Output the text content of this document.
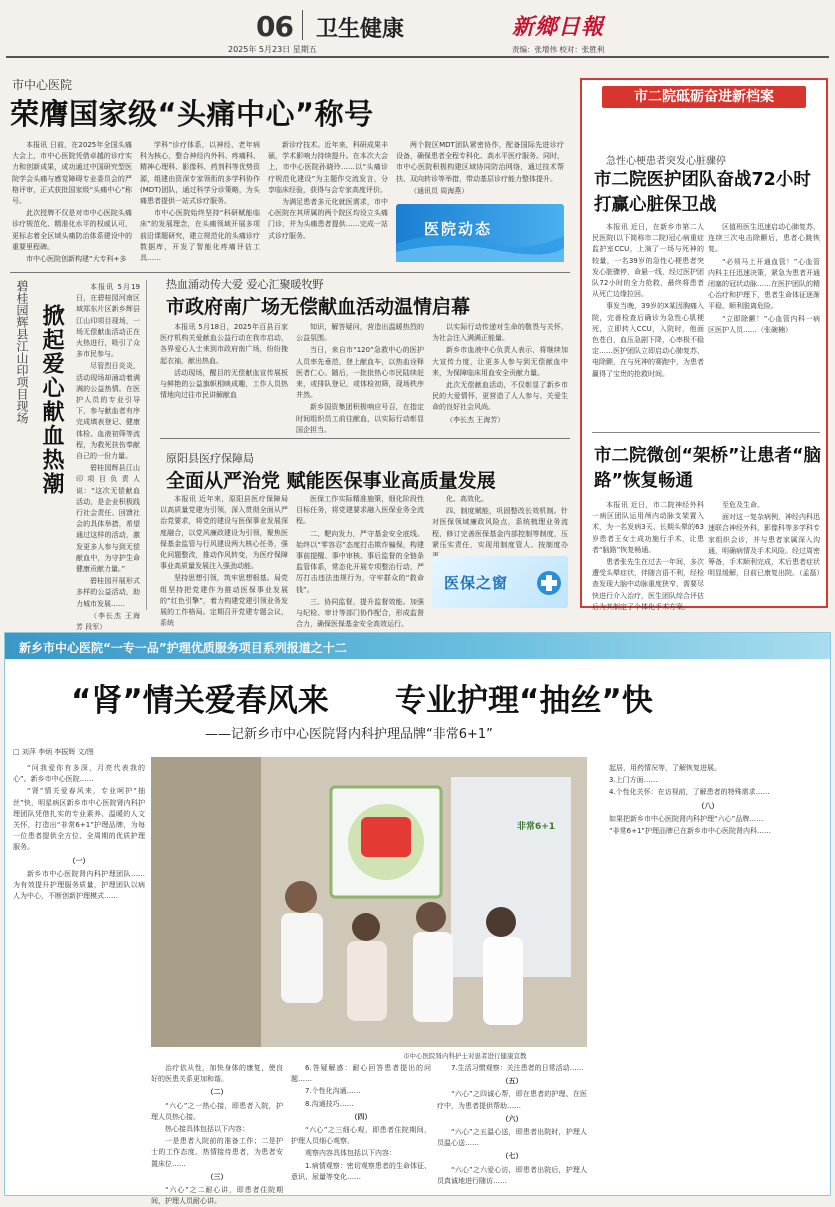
06 卫生健康
2025年 5月23日 星期五
新鄉日報
责编：张增伟 校对：张胜利
市中心医院
荣膺国家级“头痛中心”称号

本报讯 日前，在2025年全国头痛大会上，市中心医院凭借卓越的诊疗实力和创新成果，成功通过中国研究型医院学会头痛与感觉障碍专业委员会的严格评审，正式获批国家级“头痛中心”称号。

此次授牌不仅是对市中心医院头痛诊疗规范化、精准化水平的权威认可，更标志着全区域头痛防治体系建设中的重要里程碑。

市中心医院创新构建“大专科+多

学科”诊疗体系，以神经、老年病科为核心，整合神经内外科、疼痛科、精神心理科、影像科、药剂科等优势资源，组建由资深专家领衔的多学科协作(MDT)团队，通过科学分诊策略，为头痛患者提供一站式诊疗服务。

市中心医院始终坚持“科研赋能临床”的发展理念，在头痛领域开展多项前沿课题研究，建立规范化的头痛诊疗数据库，开发了智能化疼痛评估工具……

新诊疗技术。近年来，科研成果丰硕，学术影响力持续提升。在本次大会上，市中心医院孙晓玲……以“头痛诊疗规范化建设”为主题作交流发言，分享临床经验，获得与会专家高度评价。

为满足患者多元化就医需求，市中心医院在其所属的两个院区均设立头痛门诊，并为头痛患者提供……完成一站式诊疗服务。

两个院区MDT团队紧密协作，配备国际先进诊疗设备，确保患者全程专科化、高水平医疗服务。同时，市中心医院积极构建区域协同防治网络，通过技术帮扶、双向转诊等举措，带动基层诊疗能力整体提升。

（通讯员 周海燕）

医院动态
市二院砥砺奋进新档案
急性心梗患者突发心脏骤停
市二院医护团队奋战72小时打赢心脏保卫战

本报讯 近日，在新乡市第二人民医院(以下简称市二院)冠心病重症监护室CCU，上演了一场与死神的较量，一名39岁的急性心梗患者突发心脏骤停，命悬一线，经过医护团队72小时的全力抢救，最终将患者从死亡边缘拉回。

事发当晚，39岁的X某因胸痛入院，完善检查后确诊为急性心肌梗死，立即转入CCU，入院时，他面色苍白，血压急剧下降，心率极不稳定……医护团队立即启动心肺复苏，电除颤，在与死神的赛跑中，为患者赢得了宝贵的抢救时间。

区值班医生迅速启动心肺复苏，连续三次电击除颤后，患者心跳恢复。

“必须马上开通血管！”心血管内科主任迅速决策，紧急为患者开通闭塞的冠状动脉……在医护团队的精心治疗和护理下，患者生命体征逐渐平稳，顺利脱离危险。

“立即除颤！”心血管内科一病区医护人员……（张碗楠）

市二院微创“架桥”让患者“脑路”恢复畅通

本报讯 近日，市二院神经外科一病区团队运用颅内动脉支架置入术，为一名发病3天、长期头晕的63岁患者王女士成功施行手术，让患者“脑路”恢复畅通。

患者张先生在过去一年间，多次遭受头晕症状，伴随言语不利，经检查发现大脑中动脉重度狭窄，需要尽快进行介入治疗，医生团队综合评估后为其制定了个体化手术方案。

至危及生命。

面对这一复杂病例，神经内科迅速联合神经外科、影像科等多学科专家组织会诊，并与患者家属深入沟通，明确病情及手术风险。经过周密筹备，手术顺利完成，术后患者症状明显缓解，目前已康复出院。（孟磊）

碧桂园辉县江山印项目现场 掀起爱心献血热潮

本报讯 5月19日，在碧桂园河南区域郑东片区新乡辉县江山印项目现场，一场无偿献血活动正在火热进行，吸引了众多市民参与。

尽管烈日炎炎，活动现场却涌动着满满的公益热情。在医护人员的专业引导下，参与献血者有序完成填表登记、健康体检、血液初筛等流程，为救死扶伤奉献自己的一份力量。

碧桂园辉县江山印项目负责人说：“这次无偿献血活动，是企业积极践行社会责任、回馈社会的具体举措，希望通过这样的活动，激发更多人参与到无偿献血中，为守护生命健康贡献力量。”

碧桂园开展形式多样的公益活动，助力城市发展……

（李长杰 王海芳 段军）

热血涌动传大爱 爱心汇聚暖牧野
市政府南广场无偿献血活动温情启幕

本报讯 5月18日，2025年百县百家医疗机构关爱献血公益行动在我市启动，各界爱心人士来到市政府南广场，纷纷挽起衣袖，献出热血。

活动现场，醒目的无偿献血宣传展板与鲜艳的公益旗帜相映成趣，工作人员热情地向过往市民讲解献血

知识，解答疑问，营造出温暖热烈的公益氛围。

当日，来自市“120”急救中心的医护人员率先垂范，登上献血车，以热血诠释医者仁心。随后，一批批热心市民陆续赶来，或排队登记，或体检初筛，现场秩序井然。

新乡国资集团积极响应号召，在指定时间组织员工前往献血，以实际行动彰显国企担当。

以实际行动传递对生命的敬畏与关怀，为社会注入满满正能量。

新乡市血液中心负责人表示，将继续加大宣传力度，让更多人参与到无偿献血中来，为保障临床用血安全贡献力量。

此次无偿献血活动，不仅彰显了新乡市民的大爱情怀，更营造了人人参与、关爱生命的良好社会风尚。

（李长杰 王海芳）

原阳县医疗保障局
全面从严治党 赋能医保事业高质量发展

本报讯 近年来，原阳县医疗保障局以高质量党建为引领，深入贯彻全面从严治党要求，将党的建设与医保事业发展深度融合，以党风廉政建设为引领，聚焦医保基金监管与行风建设两大核心任务，强化问题整改，推动作风转变，为医疗保障事业高质量发展注入强劲动能。

坚持思想引领，筑牢思想根基。局党组坚持把党建作为推动医保事业发展的“红色引擎”，着力构建党建引领业务发展的工作格局。定期召开党建专题会议，系统

医保工作实际精准施策，细化阶段性目标任务，将党建要求融入医保业务全流程。

二、靶向发力，严守基金安全底线。始终以“零容忍”态度打击欺诈骗保，构建事前提醒、事中审核、事后监督的全链条监管体系，常态化开展专项整治行动，严厉打击违法违规行为，守牢群众的“救命钱”。

三、协同监督，提升监督效能。加强与纪检、审计等部门协作配合，形成监督合力，确保医保基金安全高效运行。

化、高效化。

四、制度赋能，巩固整改长效机制。针对医保领域廉政风险点，系统梳理业务流程，修订完善医保基金内部控制等制度，压紧压实责任，实现用制度管人、按制度办

医保之窗
新乡市中心医院“一专一品”护理优质服务项目系列报道之十二
“肾”情关爱春风来 专业护理“抽丝”快
——记新乡市中心医院肾内科护理品牌“非常6+1”
□ 刘萍 李炳 李振辉 文/图
非常6+1
市中心医院肾内科护士对患者进行健康宣教

“问我爱你有多深，月亮代表我的心”。新乡市中心医院……

“肾”情关爱春风来，专业呵护“抽丝”快，明星病区新乡市中心医院肾内科护理团队凭借扎实的专业素养、温暖的人文关怀，打造出“非常6+1”护理品牌，为每一位患者提供全方位、全周期的优质护理服务。

（一）

新乡市中心医院肾内科护理团队……为有效提升护理服务质量，护理团队以病人为中心，不断创新护理模式……

治疗依从性，加快身体的康复，使良好的医患关系更加和谐。

（二）

“六心”之一热心接，即患者入院，护理人员热心接。

热心接具体包括以下内容：

一是患者入院前的准备工作；二是护士的工作态度，热情接待患者，为患者安置床位……

（三）

“六心”之二耐心讲，即患者住院期间，护理人员耐心讲。

6.答疑解惑：耐心回答患者提出的问题……

7.个性化沟通……

8.沟通技巧……

（四）

“六心”之三细心观，即患者住院期间，护理人员细心观察。

观察内容具体包括以下内容：

1.病情观察：密切观察患者的生命体征、意识、尿量等变化……

7.生活习惯观察：关注患者的日常活动……

（五）

“六心”之四诚心帮，即在患者的护理、在医疗中，为患者提供帮助……

（六）

“六心”之五温心送，即患者出院时，护理人员温心送……

（七）

“六心”之六爱心访，即患者出院后，护理人员真诚地进行随访……

起居，用药情况等，了解恢复进展。

3.上门方面……

4.个性化关怀：在访视前，了解患者的特殊需求……

（八）

如果把新乡市中心医院肾内科护理“六心”品牌……

“非常6+1”护理品牌已在新乡市中心医院肾内科……
